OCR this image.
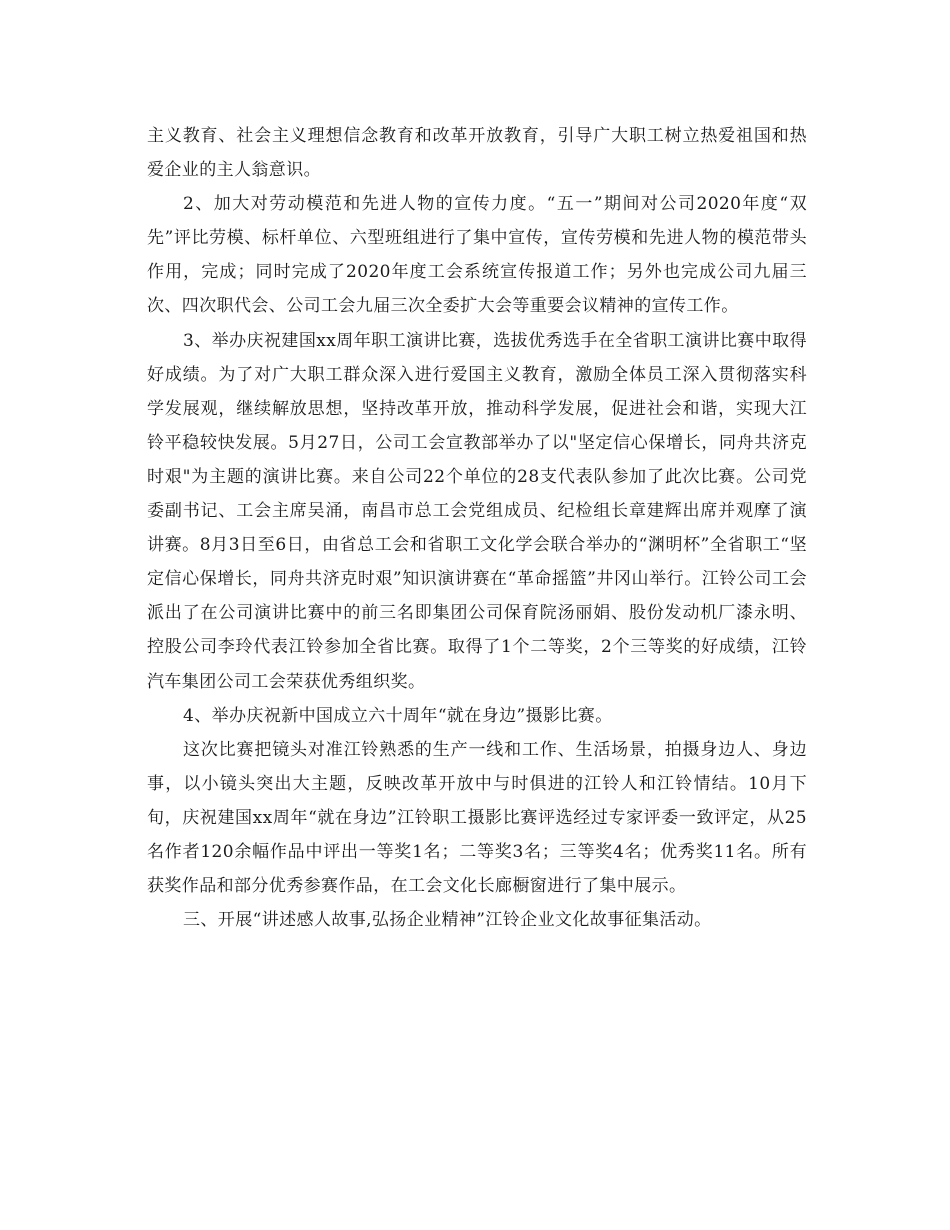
主义教育、社会主义理想信念教育和改革开放教育，引导广大职工树立热爱祖国和热爱企业的主人翁意识。

2、加大对劳动模范和先进人物的宣传力度。“五一”期间对公司2020年度“双先”评比劳模、标杆单位、六型班组进行了集中宣传，宣传劳模和先进人物的模范带头作用，完成；同时完成了2020年度工会系统宣传报道工作；另外也完成公司九届三次、四次职代会、公司工会九届三次全委扩大会等重要会议精神的宣传工作。

3、举办庆祝建国xx周年职工演讲比赛，选拔优秀选手在全省职工演讲比赛中取得好成绩。为了对广大职工群众深入进行爱国主义教育，激励全体员工深入贯彻落实科学发展观，继续解放思想，坚持改革开放，推动科学发展，促进社会和谐，实现大江铃平稳较快发展。5月27日，公司工会宣教部举办了以"坚定信心保增长，同舟共济克时艰"为主题的演讲比赛。来自公司22个单位的28支代表队参加了此次比赛。公司党委副书记、工会主席吴涌，南昌市总工会党组成员、纪检组长章建辉出席并观摩了演讲赛。8月3日至6日，由省总工会和省职工文化学会联合举办的“渊明杯”全省职工“坚定信心保增长，同舟共济克时艰”知识演讲赛在“革命摇篮”井冈山举行。江铃公司工会派出了在公司演讲比赛中的前三名即集团公司保育院汤丽娟、股份发动机厂漆永明、控股公司李玲代表江铃参加全省比赛。取得了1个二等奖，2个三等奖的好成绩，江铃汽车集团公司工会荣获优秀组织奖。

4、举办庆祝新中国成立六十周年“就在身边”摄影比赛。

这次比赛把镜头对准江铃熟悉的生产一线和工作、生活场景，拍摄身边人、身边事，以小镜头突出大主题，反映改革开放中与时俱进的江铃人和江铃情结。10月下旬，庆祝建国xx周年“就在身边”江铃职工摄影比赛评选经过专家评委一致评定，从25名作者120余幅作品中评出一等奖1名；二等奖3名；三等奖4名；优秀奖11名。所有获奖作品和部分优秀参赛作品，在工会文化长廊橱窗进行了集中展示。

三、开展“讲述感人故事,弘扬企业精神”江铃企业文化故事征集活动。
